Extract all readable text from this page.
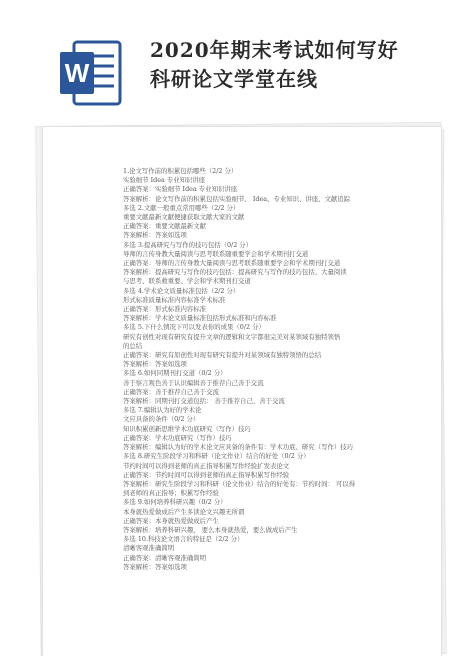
W
2020年期末考试如何写好
科研论文学堂在线
1.论文写作前的积累包括哪些（2/2 分）
实验细节 Idea 专业知识讲座
正确答案：实验细节 Idea 专业知识讲座
答案解析：论文写作前的积累包括实验细节、 Idea、专业知识、讲座、文献追踪
多选 2.文献一般重点常用哪些（2/2 分）
重要文献最新文献便捷获取文献大家的文献
正确答案：重要文献最新文献
答案解析：答案如选项
多选 3.提高研究与写作的技巧包括（0/2 分）
导师的言传身教大量阅读与思考联系随重要学会和学术期刊打交道
正确答案：导师的言传身教大量阅读与思考联系随重要学会和学术期刊打交道
答案解析：提高研究与写作的技巧包括：提高研究与写作的技巧包括、大量阅读
与思考、联系救重要、学会和学术期刊打交道
多选 4.学术论文质量标准包括（2/2 分）
形式标准质量标准内容标准学术标准
正确答案：形式标准内容标准
答案解析：学术论文质量标准包括形式标准和内容标准
多选 5.下什么情况下可以发表你的成果（0/2 分）
研究有创性对现有研究有提升文章的逻辑和文字都很完美对某领域有独特领悟
的总结
正确答案：研究有原创性对现有研究有提升对某领域有独特领悟的总结
答案解析：答案如选项
多选 6.如何同期刊打交道（0/2 分）
善于察言观色善于认识编辑善于推荐自己善于交流
正确答案：善于推荐自己善于交流
答案解析：同期刊打交道包括： 善于推荐自己、善于交流
多选 7.编辑认为好的学术论
文应具备的条件（0/2 分）
知识积累创新思维学术功底研究（写作）技巧
正确答案：学术功底研究（写作）技巧
答案解析：编辑认为好的学术论文应具备的条件有：学术功底、研究（写作）技巧
多选 8.研究生阶段学习和科研（论文作业）结合的好处（0/2 分）
节约时间可以得到老师的真正指导积累写作经验扩发表论文
正确答案：节约时间可以得到老师的真正指导积累写作经验
答案解析：研究生阶段学习和科研（论文作业）结合的好处有：节约时间： 可以得
到老师的真正指导；积累写作经验
多选 9.如何培养科研兴趣（0/2 分）
本身就热爱做成后产生多读论文兴趣无所谓
正确答案：本身就热爱做成后产生
答案解析：培养科研兴趣， 要么本身就热爱，要么做成后产生
多选 10.科技论文语言的特征是（2/2 分）
清晰客观准确简明
正确答案：清晰客观准确简明
答案解析：答案如选项
